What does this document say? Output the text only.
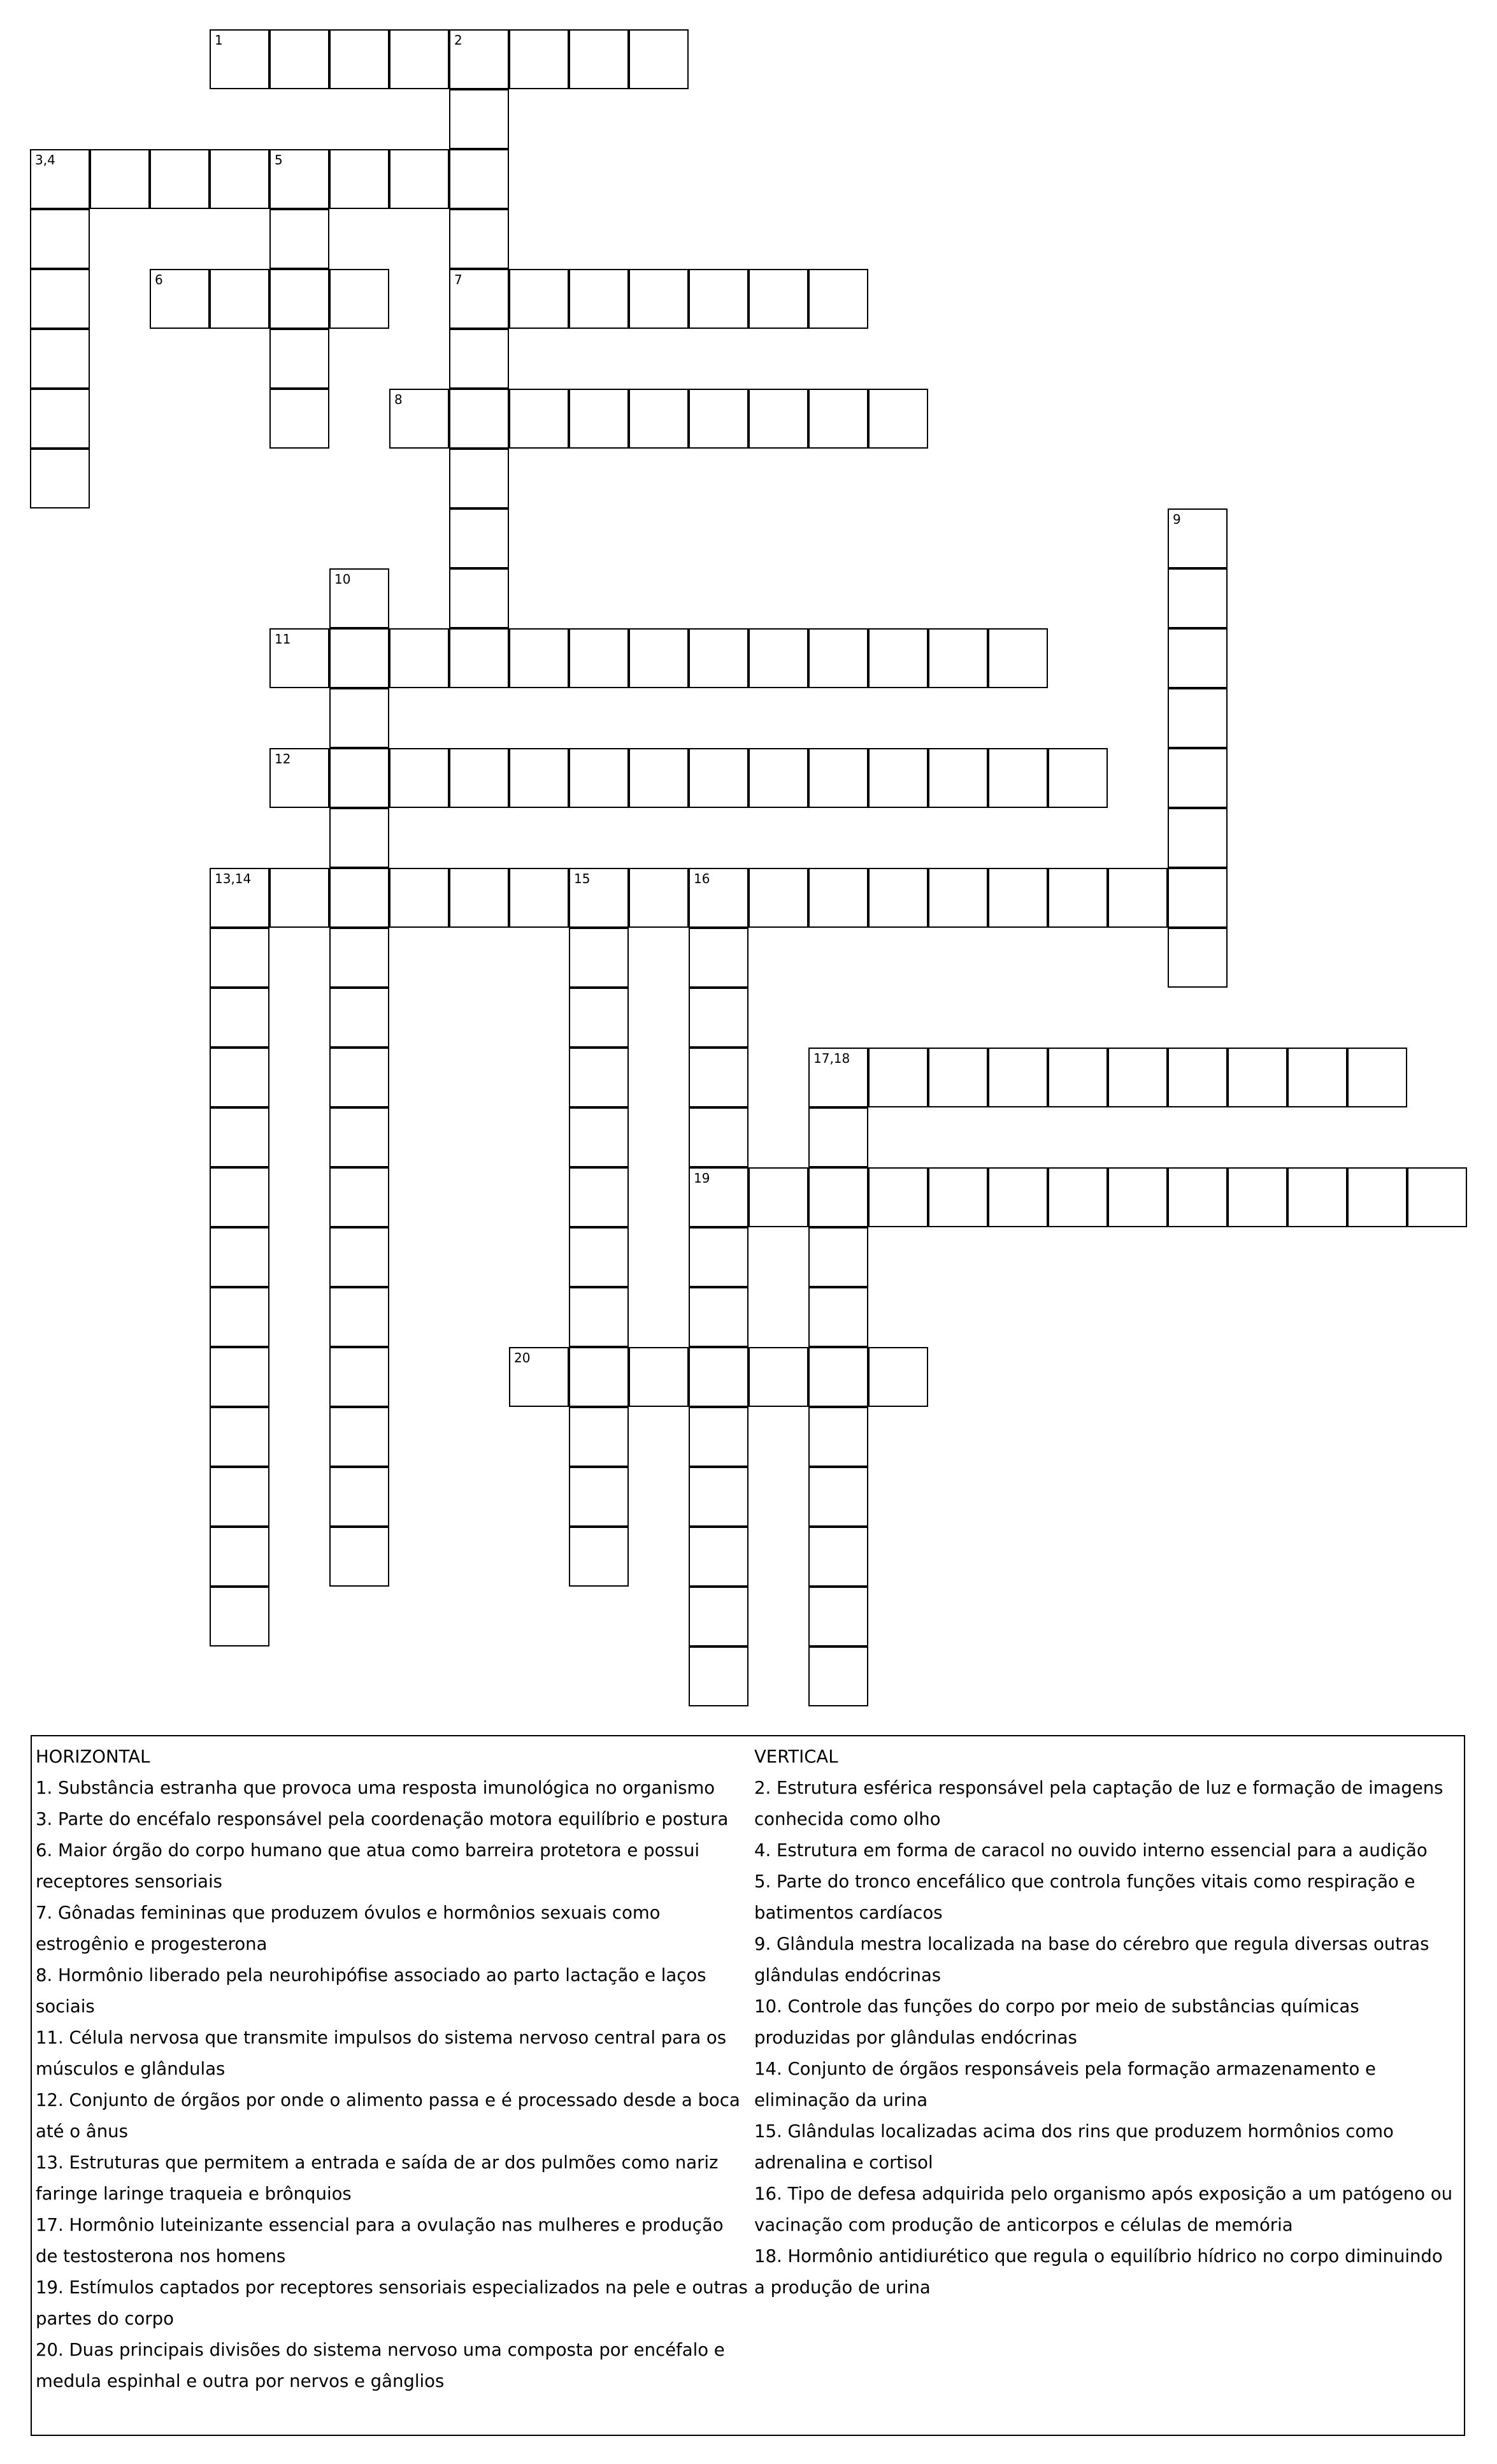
1	2
3,4	5
6	7
8
9
10
11
12
13,14	15	16
17,18
19
20
HORIZONTAL
1. Substância estranha que provoca uma resposta imunológica no organismo
3. Parte do encéfalo responsável pela coordenação motora equilíbrio e postura
6. Maior órgão do corpo humano que atua como barreira protetora e possui receptores sensoriais
7. Gônadas femininas que produzem óvulos e hormônios sexuais como estrogênio e progesterona
8. Hormônio liberado pela neurohipófise associado ao parto lactação e laços sociais
11. Célula nervosa que transmite impulsos do sistema nervoso central para os músculos e glândulas
12. Conjunto de órgãos por onde o alimento passa e é processado desde a boca até o ânus
13. Estruturas que permitem a entrada e saída de ar dos pulmões como nariz faringe laringe traqueia e brônquios
17. Hormônio luteinizante essencial para a ovulação nas mulheres e produção de testosterona nos homens
19. Estímulos captados por receptores sensoriais especializados na pele e outras partes do corpo
20. Duas principais divisões do sistema nervoso uma composta por encéfalo e medula espinhal e outra por nervos e gânglios
VERTICAL
2. Estrutura esférica responsável pela captação de luz e formação de imagens conhecida como olho
4. Estrutura em forma de caracol no ouvido interno essencial para a audição
5. Parte do tronco encefálico que controla funções vitais como respiração e batimentos cardíacos
9. Glândula mestra localizada na base do cérebro que regula diversas outras glândulas endócrinas
10. Controle das funções do corpo por meio de substâncias químicas produzidas por glândulas endócrinas
14. Conjunto de órgãos responsáveis pela formação armazenamento e eliminação da urina
15. Glândulas localizadas acima dos rins que produzem hormônios como adrenalina e cortisol
16. Tipo de defesa adquirida pelo organismo após exposição a um patógeno ou vacinação com produção de anticorpos e células de memória
18. Hormônio antidiurético que regula o equilíbrio hídrico no corpo diminuindo a produção de urina
